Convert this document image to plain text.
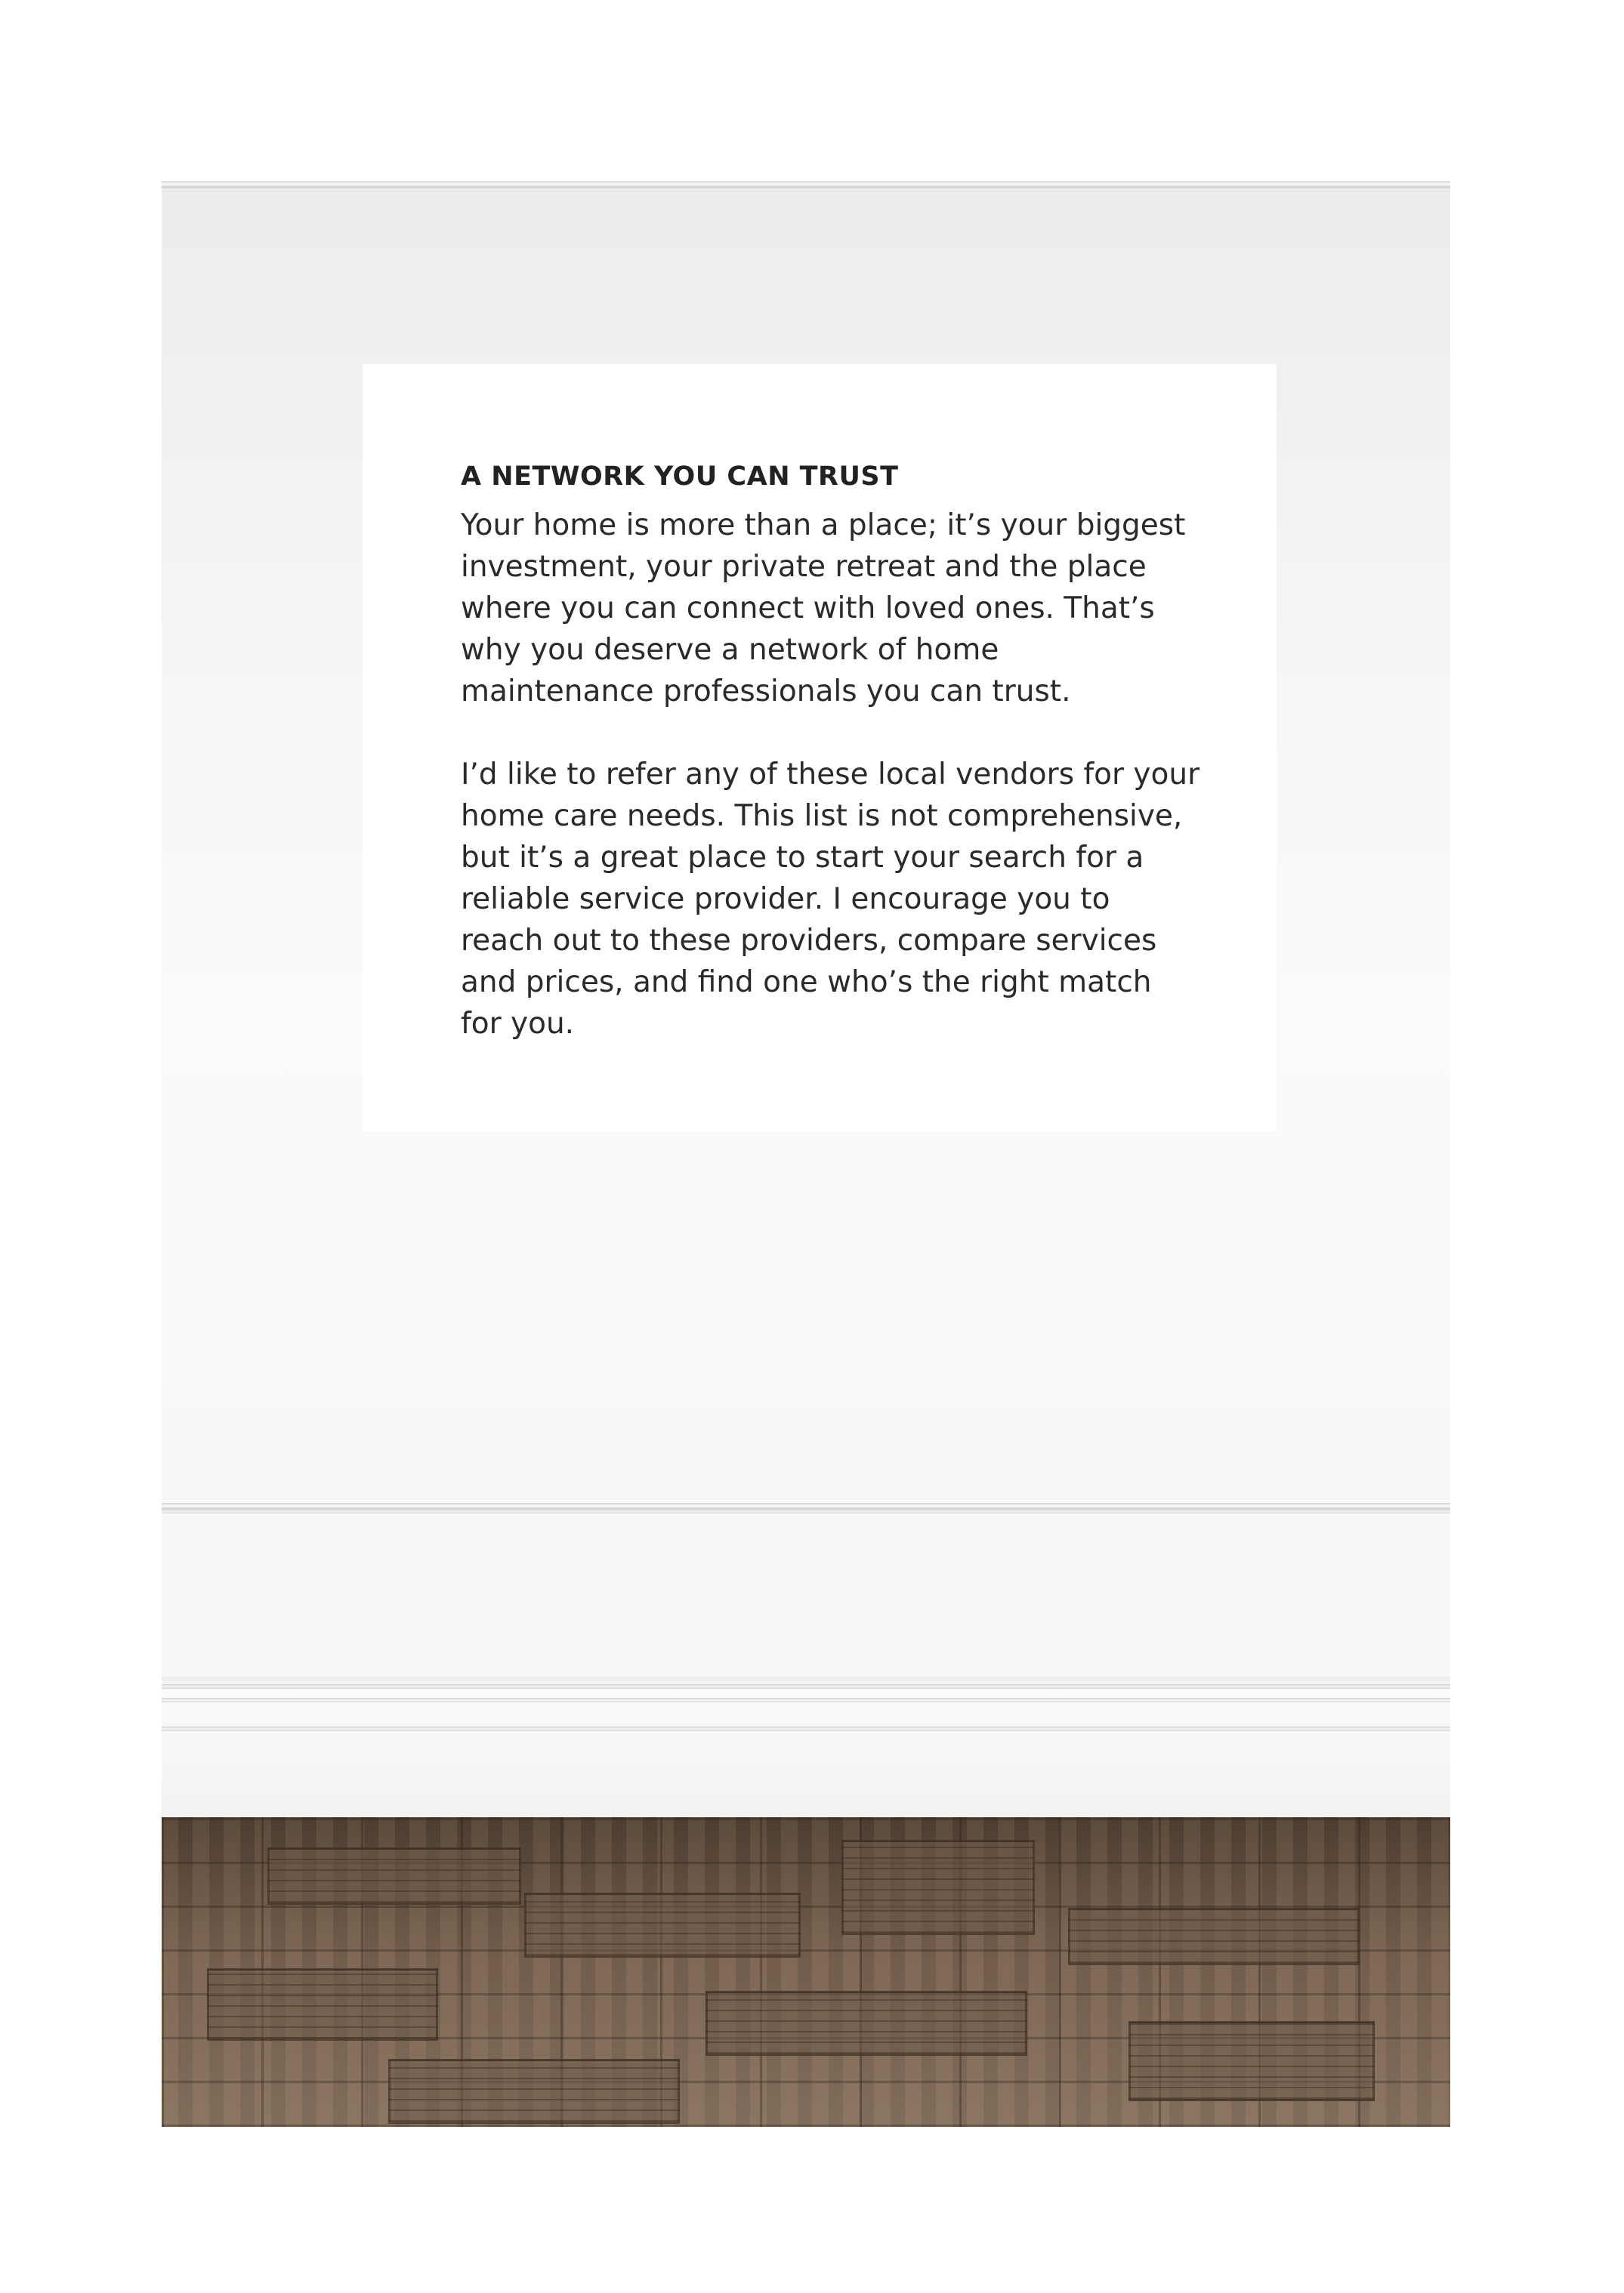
A NETWORK YOU CAN TRUST

Your home is more than a place; it’s your biggest investment, your private retreat and the place where you can connect with loved ones. That’s why you deserve a network of home maintenance professionals you can trust.

I’d like to refer any of these local vendors for your home care needs. This list is not comprehensive, but it’s a great place to start your search for a reliable service provider. I encourage you to reach out to these providers, compare services and prices, and find one who’s the right match for you.
